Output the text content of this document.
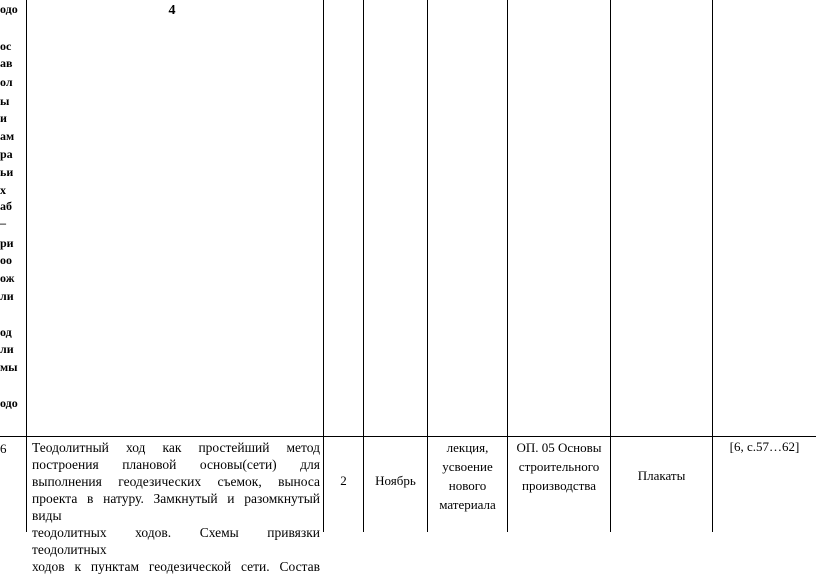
4
одо
ос
ав
ол
ы
и
ам
ра
ьи
х
аб
–
ри
оо
ож
ли
од
ли
мы
одо
6 Теодолитный ход как простейший метод
построения плановой основы(сети) для
выполнения геодезических съемок, выноса
проекта в натуру. Замкнутый и разомкнутый виды
теодолитных ходов. Схемы привязки теодолитных
ходов к пунктам геодезической сети. Состав
2	Ноябрь
лекция,
усвоение
нового
материала
ОП. 05 Основы
строительного
производства
Плакаты
[6, с.57…62]
